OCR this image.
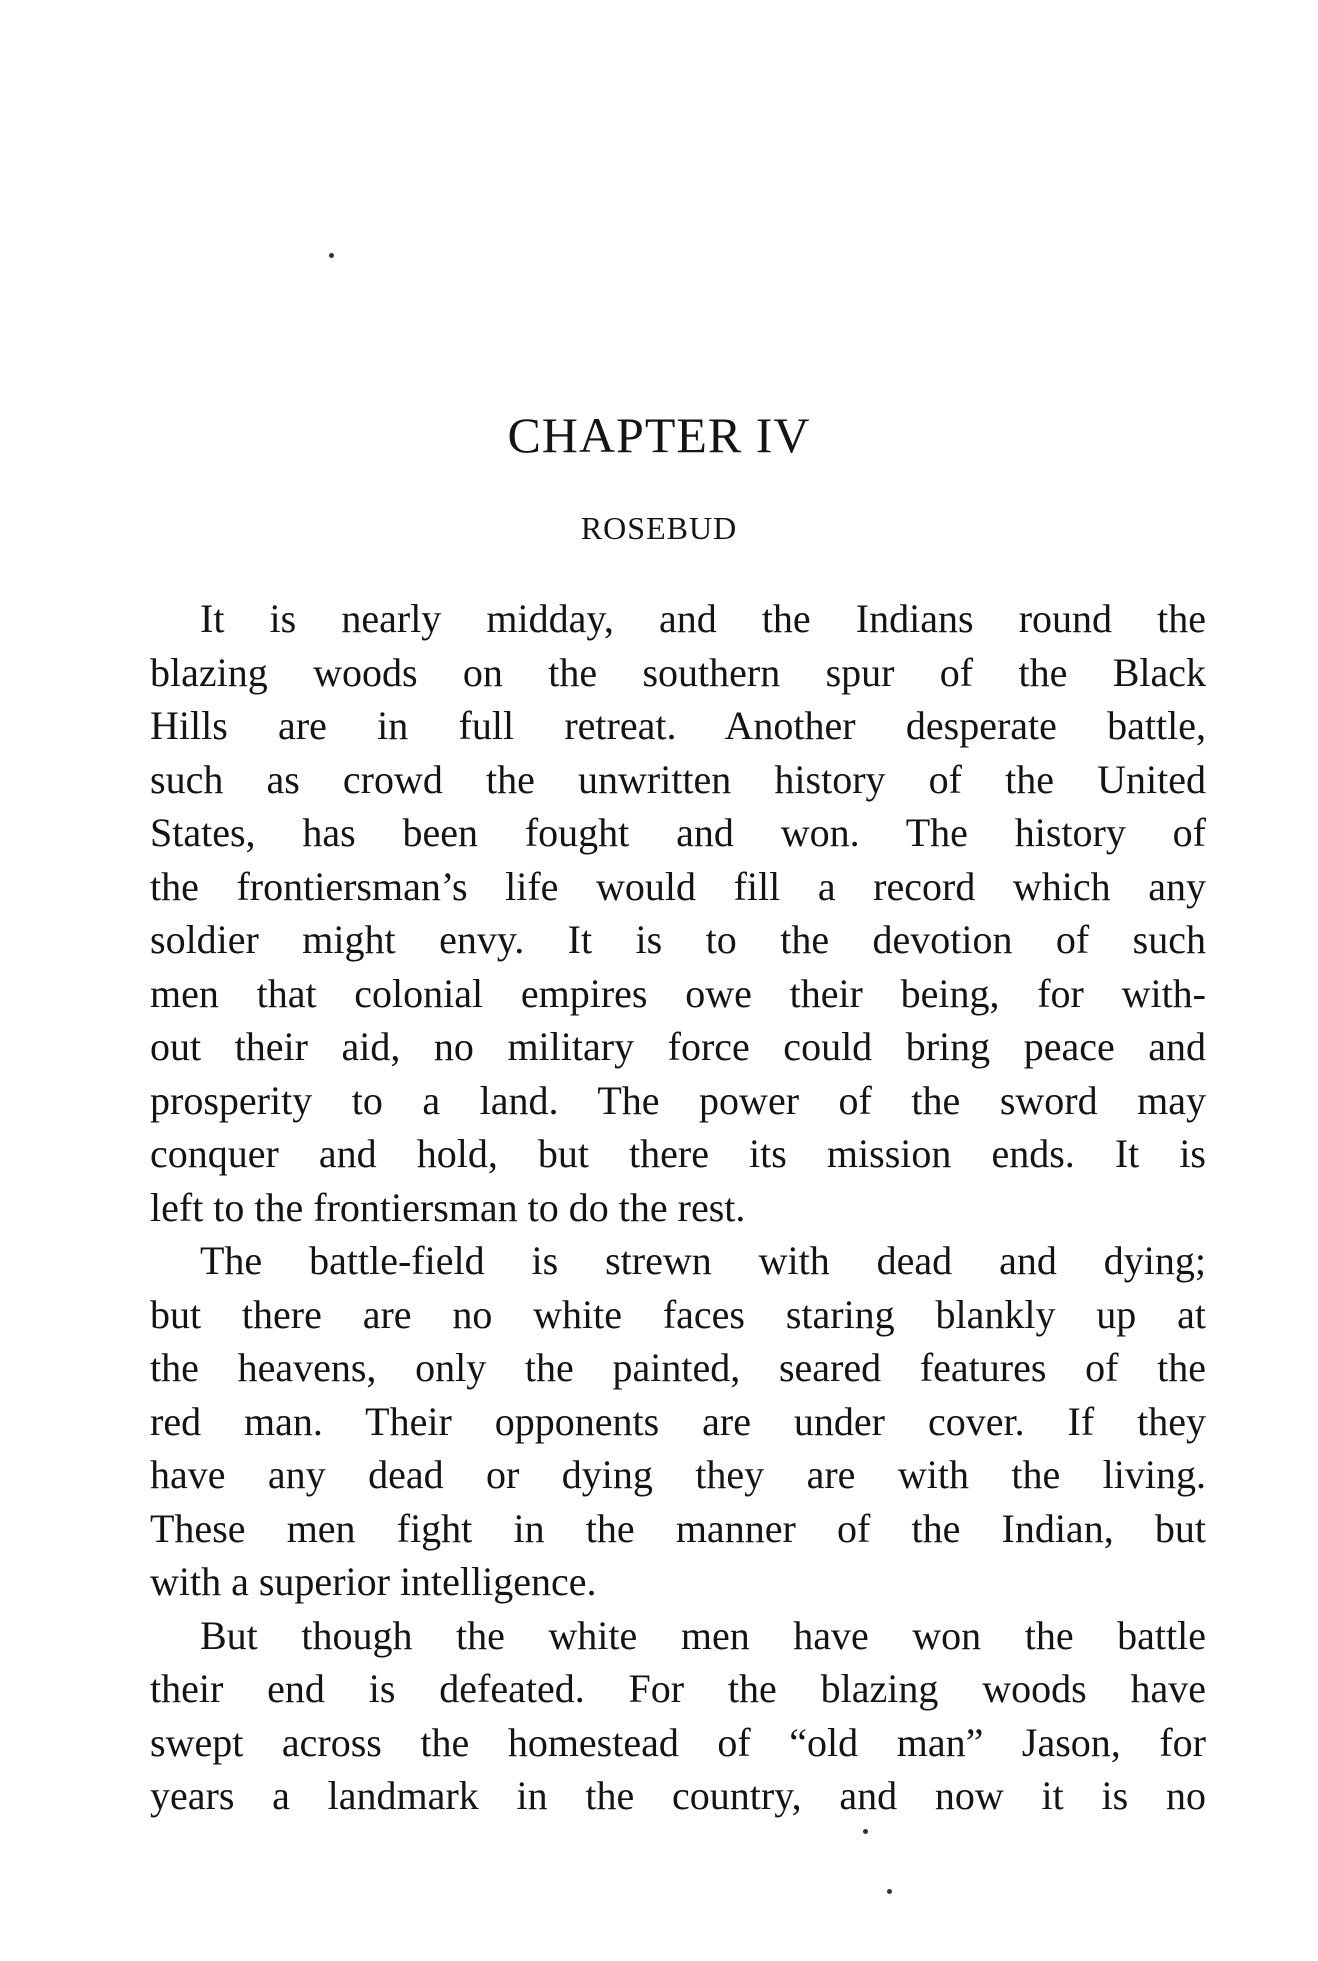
CHAPTER IV
ROSEBUD
It is nearly midday, and the Indians round the
blazing woods on the southern spur of the Black
Hills are in full retreat. Another desperate battle,
such as crowd the unwritten history of the United
States, has been fought and won. The history of
the frontiersman’s life would fill a record which any
soldier might envy. It is to the devotion of such
men that colonial empires owe their being, for with-
out their aid, no military force could bring peace and
prosperity to a land. The power of the sword may
conquer and hold, but there its mission ends. It is
left to the frontiersman to do the rest.
The battle-field is strewn with dead and dying;
but there are no white faces staring blankly up at
the heavens, only the painted, seared features of the
red man. Their opponents are under cover. If they
have any dead or dying they are with the living.
These men fight in the manner of the Indian, but
with a superior intelligence.
But though the white men have won the battle
their end is defeated. For the blazing woods have
swept across the homestead of “old man” Jason, for
years a landmark in the country, and now it is no
